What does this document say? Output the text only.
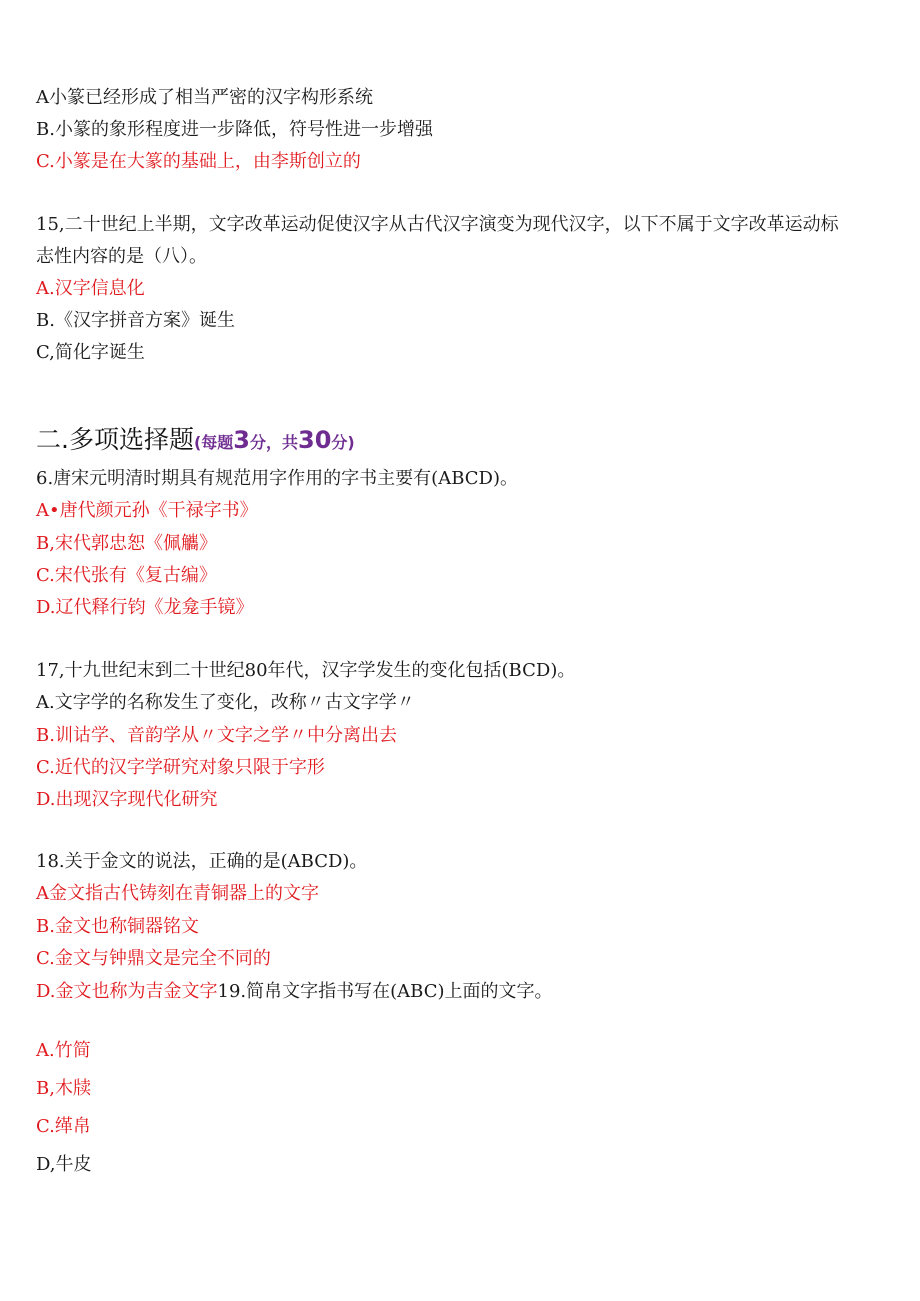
A小篆已经形成了相当严密的汉字构形系统
B.小篆的象形程度进一步降低，符号性进一步增强
C.小篆是在大篆的基础上，由李斯创立的
15,二十世纪上半期，文字改革运动促使汉字从古代汉字演变为现代汉字，以下不属于文字改革运动标
志性内容的是（八）。
A.汉字信息化
B.《汉字拼音方案》诞生
C,简化字诞生
二.多项选择题(每题3分，共30分)
6.唐宋元明清时期具有规范用字作用的字书主要有(ABCD)。
A•唐代颜元孙《干禄字书》
B,宋代郭忠恕《佩觿》
C.宋代张有《复古编》
D.辽代释行钧《龙龛手镜》
17,十九世纪末到二十世纪80年代，汉字学发生的变化包括(BCD)。
A.文字学的名称发生了变化，改称〃古文字学〃
B.训诂学、音韵学从〃文字之学〃中分离出去
C.近代的汉字学研究对象只限于字形
D.出现汉字现代化研究
18.关于金文的说法，正确的是(ABCD)。
A金文指古代铸刻在青铜器上的文字
B.金文也称铜器铭文
C.金文与钟鼎文是完全不同的
D.金文也称为吉金文字19.简帛文字指书写在(ABC)上面的文字。
A.竹简
B,木牍
C.缂帛
D,牛皮
